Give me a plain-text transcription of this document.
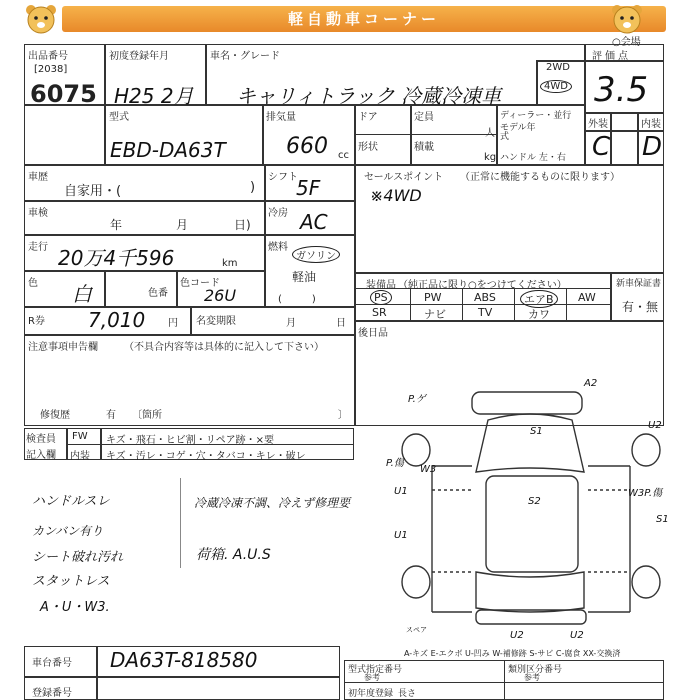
軽自動車コーナー
○会場
出品番号
[2038]
6075
初度登録年月
H25 2月
車名・グレード
キャリィトラック 冷蔵冷凍車
2WD
4WD
評価点
3.5
外装	内装
C D
型式
EBD-DA63T
排気量
660 cc
ドア	定員
人
形状	積載
kg
ディーラー・並行
モデル年式
ハンドル 左・右
車歴
自家用・(	)
シフト
5F
車検
年	月	日)
冷房 AC
走行 20万4千596	km
燃料
ガソリン
軽油
色 白	色番
色コード
26U	(　　　)
セールスポイント （正常に機能するものに限ります）
※4WD
装備品 （純正品に限り○をつけてください）
PS	PW	ABS	エアB	AW
SR	ナビ	TV	カワ
新車保証書
有・無
後日品
R券 7,010 円 名変期限	月	日
注意事項申告欄	（不具合内容等は具体的に記入して下さい）
修復歴	有 〔箇所	〕
検査員
記入欄
FW キズ・飛石・ヒビ割・リペア跡・×要
内装 キズ・汚レ・コゲ・穴・タバコ・キレ・破レ
ハンドルスレ
カンバン有り
シート破れ汚れ
スタットレス
A・U・W3.
冷蔵冷凍不調、冷えず修理要
荷箱. A.U.S
P.ゲ
A2
U2
S1
P.傷
W3
U1
S2
W3P.傷
S1
U1
スペア	U2	U2
A-キズ E-エクボ U-凹み W-補修跡 S-サビ C-腐食 XX-交換済
車台番号 DA63T-818580
登録番号
型式指定番号
参考
類別区分番号
参考
初年度登録 長さ
